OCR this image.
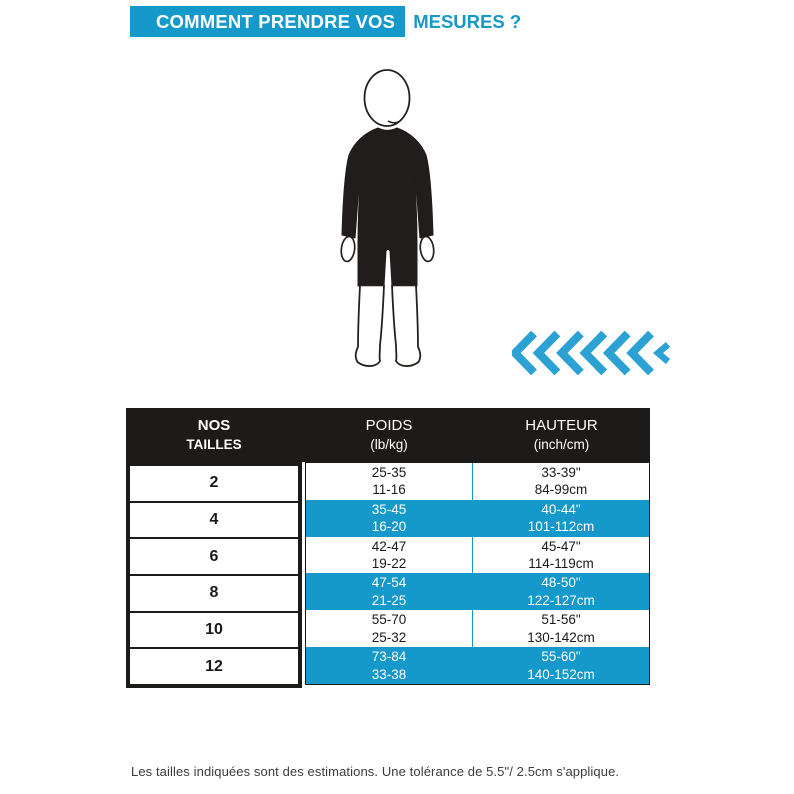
COMMENT PRENDRE VOS MESURES ?
NOS
TAILLES
POIDS
(lb/kg)
HAUTEUR
(inch/cm)
2
4
6
8
10
12
25-35
11-16
33-39"
84-99cm
35-45
16-20
40-44"
101-112cm
42-47
19-22
45-47"
114-119cm
47-54
21-25
48-50"
122-127cm
55-70
25-32
51-56"
130-142cm
73-84
33-38
55-60"
140-152cm
Les tailles indiquées sont des estimations. Une tolérance de 5.5"/ 2.5cm s'applique.
